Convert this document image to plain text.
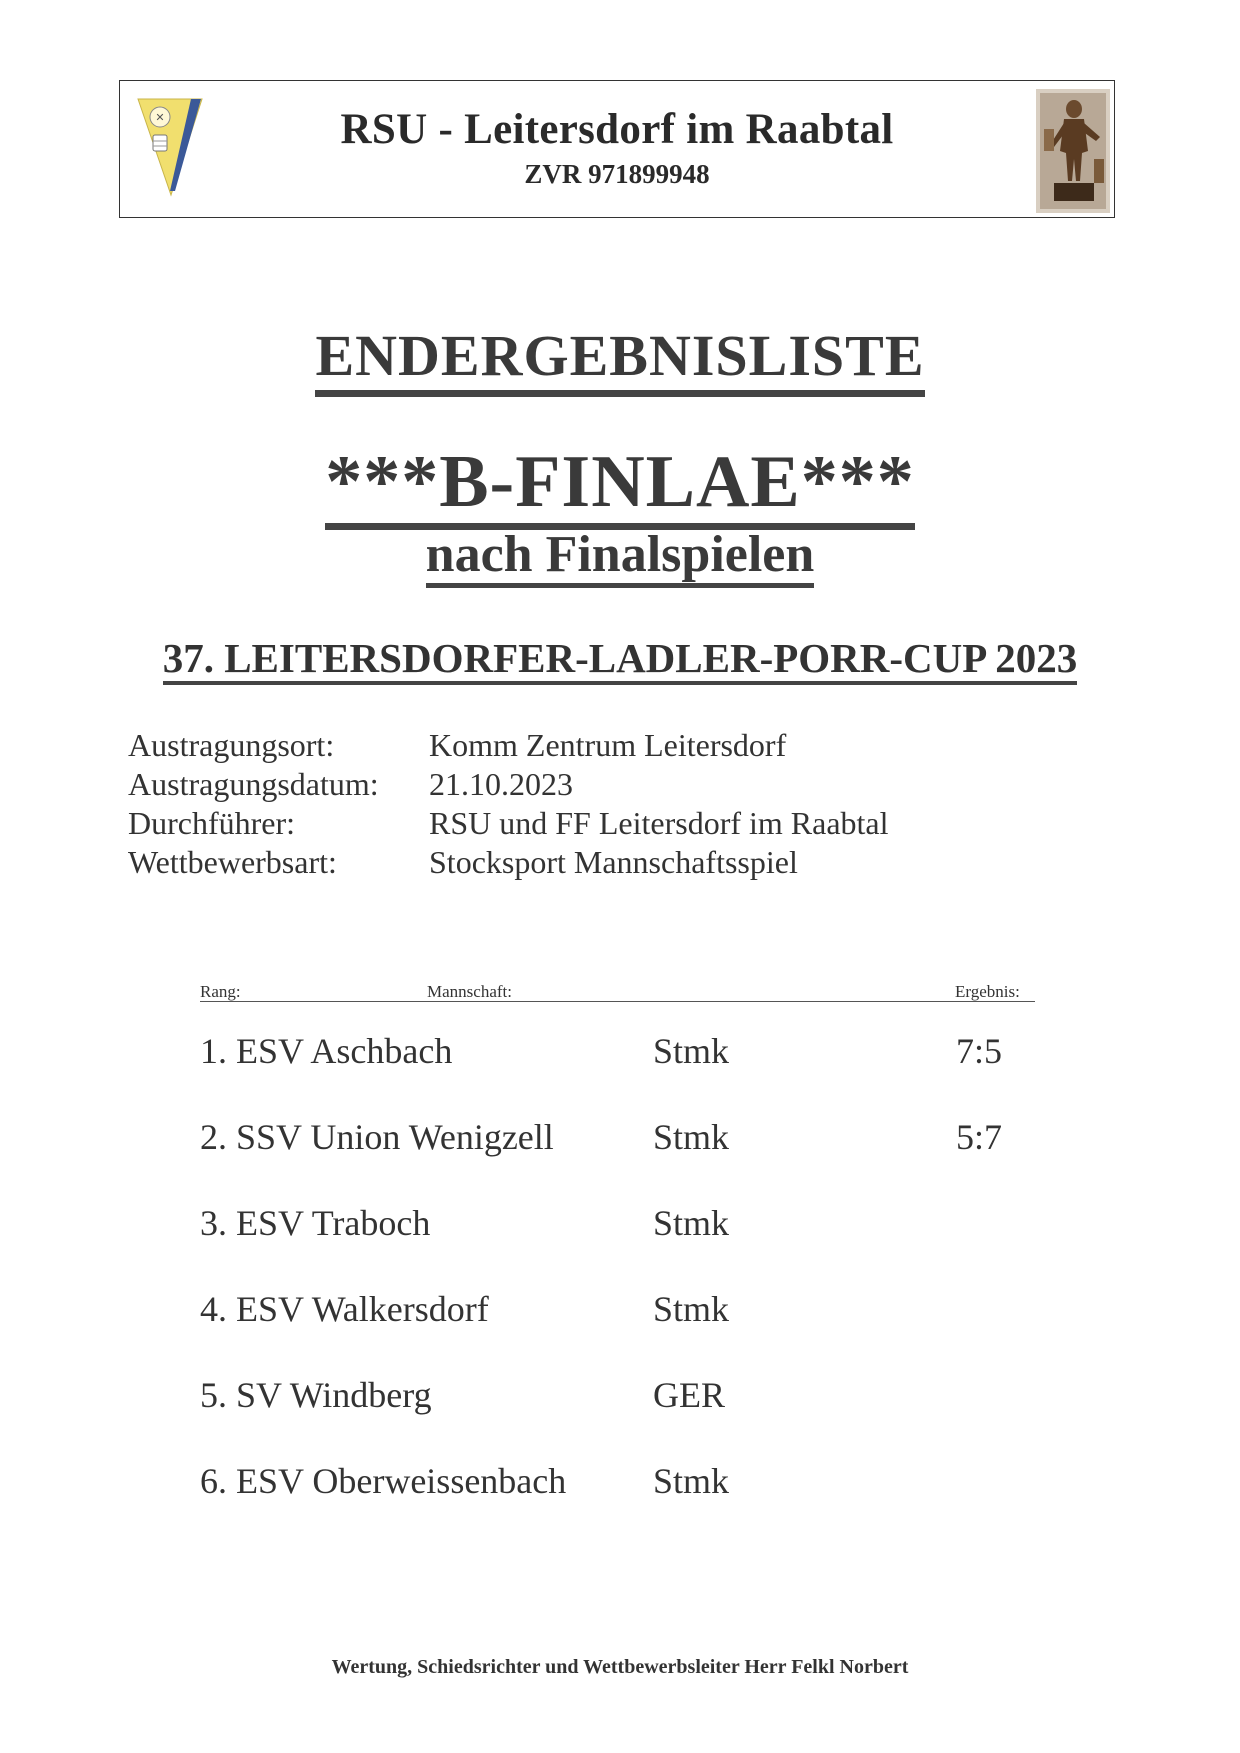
✕	RSU - Leitersdorf im Raabtal
ZVR 971899948
ENDERGEBNISLISTE
***B-FINLAE***
nach Finalspielen
37. LEITERSDORFER-LADLER-PORR-CUP 2023
Austragungsort:	Komm Zentrum Leitersdorf
Austragungsdatum: 21.10.2023
Durchführer:	RSU und FF Leitersdorf im Raabtal
Wettbewerbsart:	Stocksport Mannschaftsspiel
Rang:	Mannschaft:	Ergebnis:
1. ESV Aschbach	Stmk	7:5
2. SSV Union Wenigzell	Stmk	5:7
3. ESV Traboch	Stmk
4. ESV Walkersdorf	Stmk
5. SV Windberg	GER
6. ESV Oberweissenbach Stmk
Wertung, Schiedsrichter und Wettbewerbsleiter Herr Felkl Norbert
